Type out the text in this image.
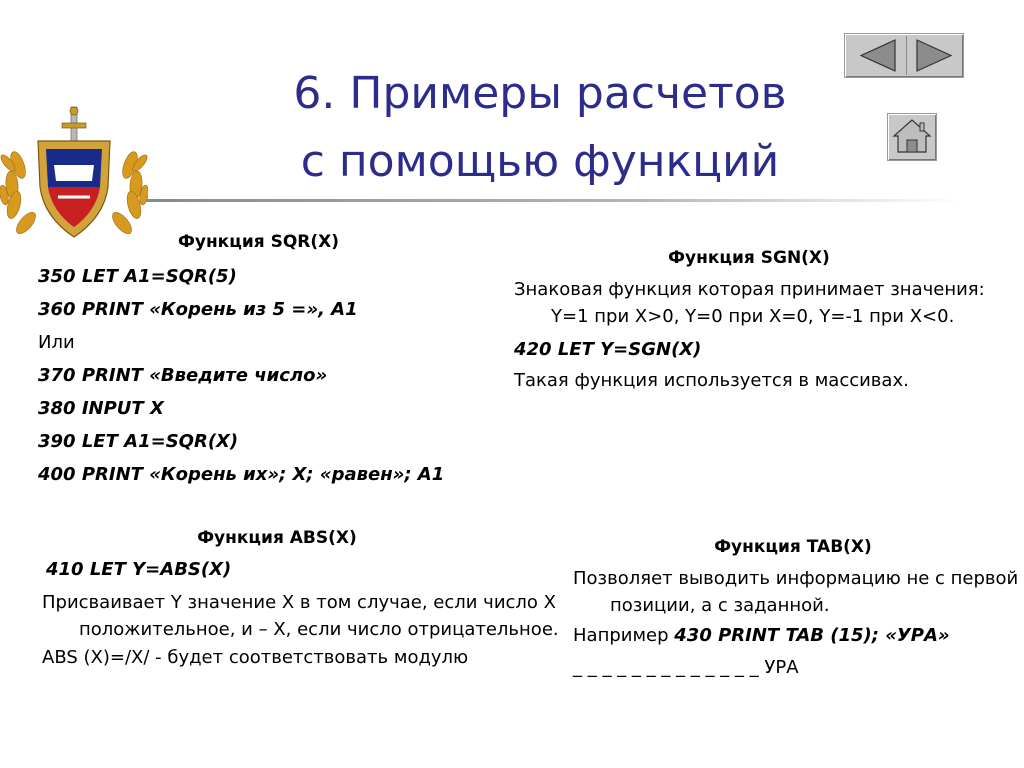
6. Примеры расчетов
с помощью функций
Функция SQR(X)
350 LET A1=SQR(5)
360 PRINT «Корень из 5 =», A1
Или
370 PRINT «Введите число»
380 INPUT X
390 LET A1=SQR(X)
400 PRINT «Корень их»; X; «равен»; A1
Функция SGN(X)
Знаковая функция которая принимает значения: Y=1 при X>0, Y=0 при X=0, Y=-1 при X<0.
420 LET Y=SGN(X)
Такая функция используется в массивах.
Функция ABS(X)
410 LET Y=ABS(X)
Присваивает Y значение X в том случае, если число X положительное, и – X, если число отрицательное.
ABS (X)=/X/ - будет соответствовать модулю
Функция TAB(X)
Позволяет выводить информацию не с первой позиции, а с заданной.
Например 430 PRINT TAB (15); «УРА»
_ _ _ _ _ _ _ _ _ _ _ _ _ УРА
